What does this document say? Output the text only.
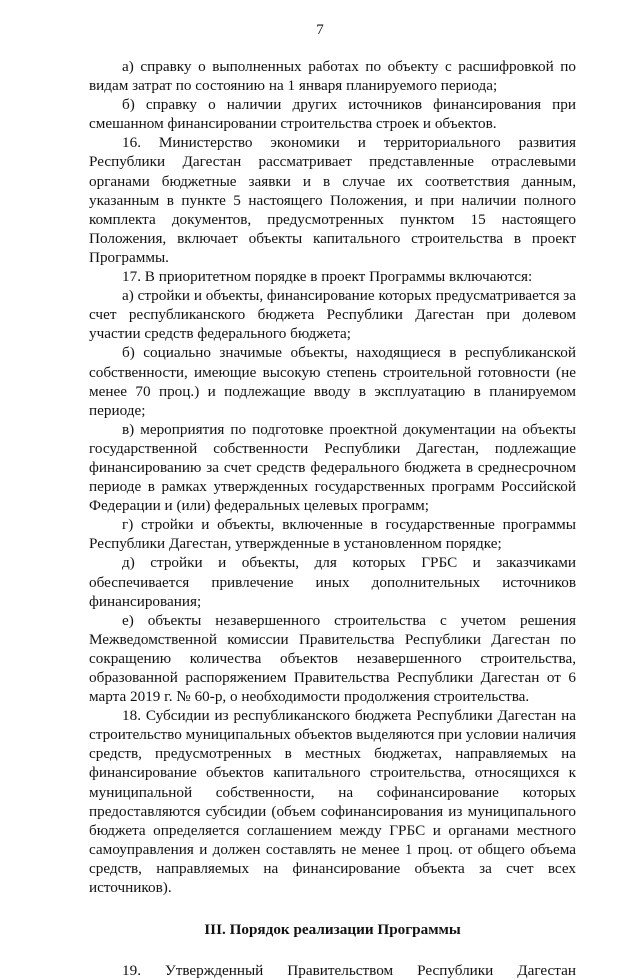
7

а) справку о выполненных работах по объекту с расшифровкой по видам затрат по состоянию на 1 января планируемого периода;

б) справку о наличии других источников финансирования при смешанном финансировании строительства строек и объектов.

16. Министерство экономики и территориального развития Республики Дагестан рассматривает представленные отраслевыми органами бюджетные заявки и в случае их соответствия данным, указанным в пункте 5 настоящего Положения, и при наличии полного комплекта документов, предусмотренных пунктом 15 настоящего Положения, включает объекты капитального строительства в проект Программы.

17. В приоритетном порядке в проект Программы включаются:

а) стройки и объекты, финансирование которых предусматривается за счет республиканского бюджета Республики Дагестан при долевом участии средств федерального бюджета;

б) социально значимые объекты, находящиеся в республиканской собственности, имеющие высокую степень строительной готовности (не менее 70 проц.) и подлежащие вводу в эксплуатацию в планируемом периоде;

в) мероприятия по подготовке проектной документации на объекты государственной собственности Республики Дагестан, подлежащие финансированию за счет средств федерального бюджета в среднесрочном периоде в рамках утвержденных государственных программ Российской Федерации и (или) федеральных целевых программ;

г) стройки и объекты, включенные в государственные программы Республики Дагестан, утвержденные в установленном порядке;

д) стройки и объекты, для которых ГРБС и заказчиками обеспечивается привлечение иных дополнительных источников финансирования;

е) объекты незавершенного строительства с учетом решения Межведомственной комиссии Правительства Республики Дагестан по сокращению количества объектов незавершенного строительства, образованной распоряжением Правительства Республики Дагестан от 6 марта 2019 г. № 60-р, о необходимости продолжения строительства.

18. Субсидии из республиканского бюджета Республики Дагестан на строительство муниципальных объектов выделяются при условии наличия средств, предусмотренных в местных бюджетах, направляемых на финансирование объектов капитального строительства, относящихся к муниципальной собственности, на софинансирование которых предоставляются субсидии (объем софинансирования из муниципального бюджета определяется соглашением между ГРБС и органами местного самоуправления и должен составлять не менее 1 проц. от общего объема средств, направляемых на финансирование объекта за счет всех источников).

III. Порядок реализации Программы
19. Утвержденный Правительством Республики Дагестан
